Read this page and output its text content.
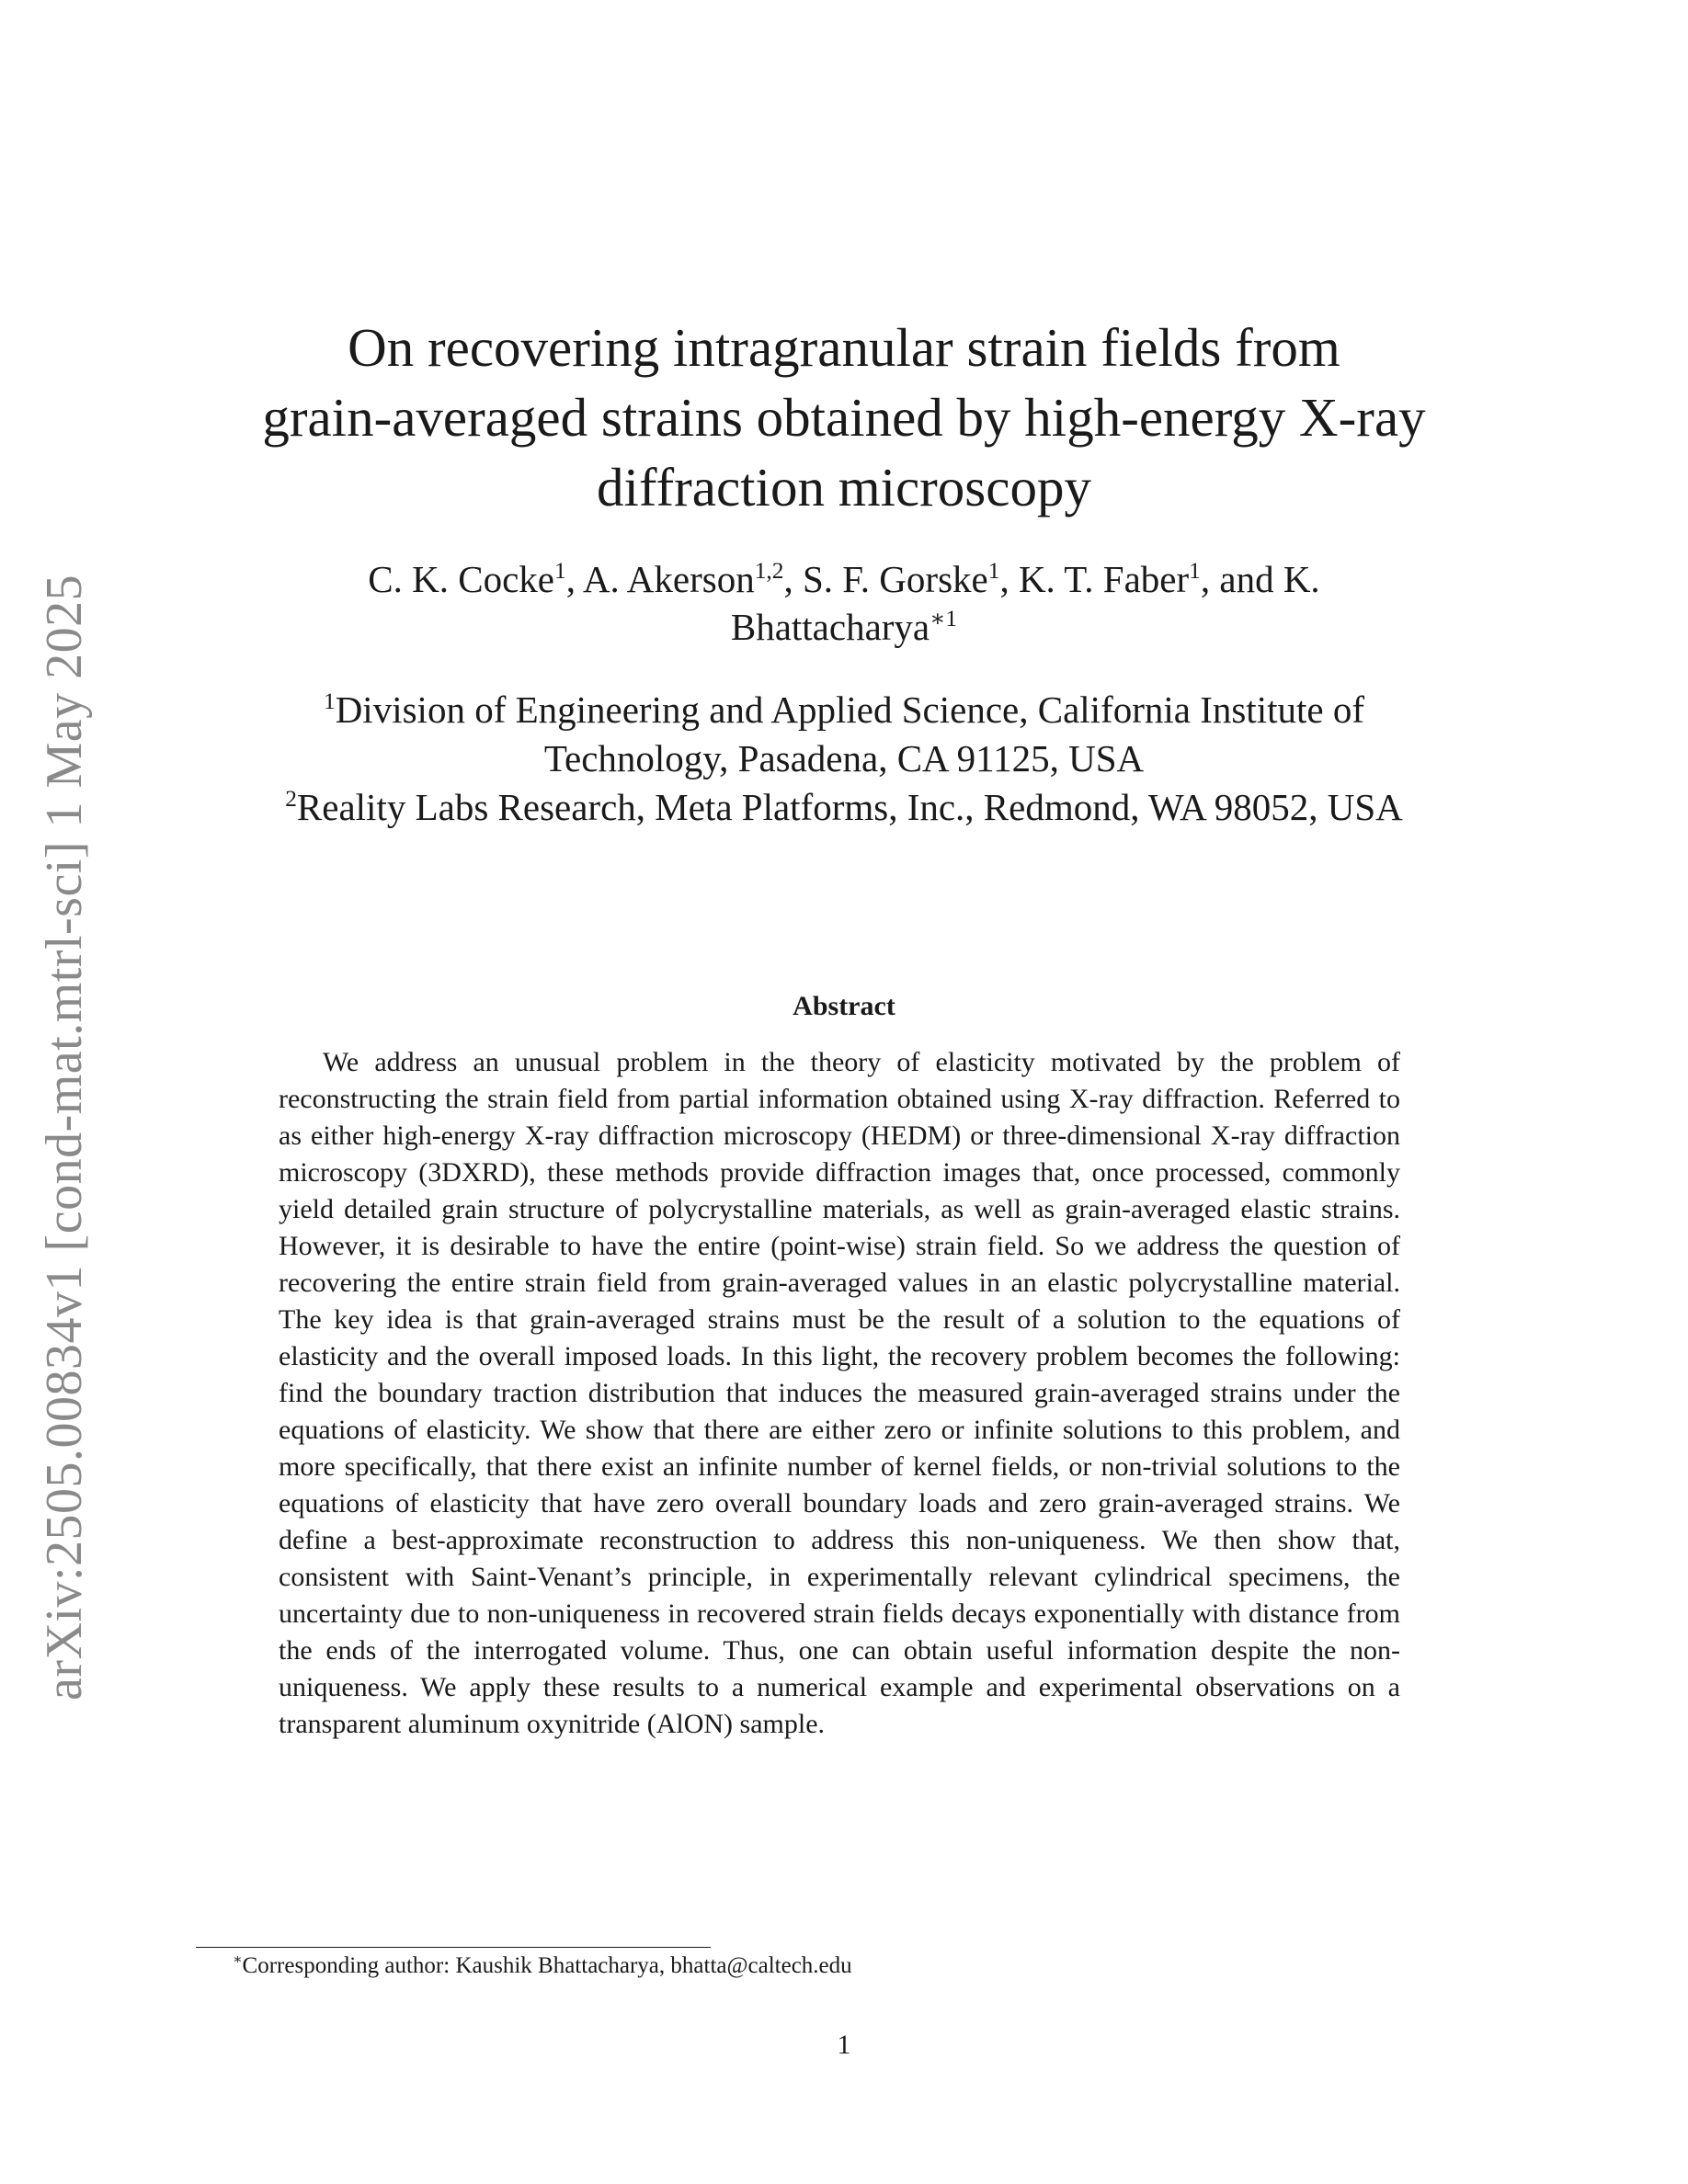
arXiv:2505.00834v1 [cond-mat.mtrl-sci] 1 May 2025
On recovering intragranular strain fields from
grain-averaged strains obtained by high-energy X-ray
diffraction microscopy
C. K. Cocke$^1$, A. Akerson$^{1,2}$, S. F. Gorske$^1$, K. T. Faber$^1$, and K.
Bhattacharya$^{∗1}$
$^1$Division of Engineering and Applied Science, California Institute of
Technology, Pasadena, CA 91125, USA
$^2$Reality Labs Research, Meta Platforms, Inc., Redmond, WA 98052, USA
Abstract
We address an unusual problem in the theory of elasticity motivated by the problem of reconstructing the strain field from partial information obtained using X-ray diffraction. Referred to as either high-energy X-ray diffraction microscopy (HEDM) or three-dimensional X-ray diffraction microscopy (3DXRD), these methods provide diffraction images that, once processed, commonly yield detailed grain structure of polycrystalline materials, as well as grain-averaged elastic strains. However, it is desirable to have the entire (point-wise) strain field. So we address the question of recovering the entire strain field from grain-averaged values in an elastic polycrystalline material. The key idea is that grain-averaged strains must be the result of a solution to the equations of elasticity and the overall imposed loads. In this light, the recovery problem becomes the following: find the boundary traction distribution that induces the measured grain-averaged strains under the equations of elasticity. We show that there are either zero or infinite solutions to this problem, and more specifically, that there exist an infinite number of kernel fields, or non-trivial solutions to the equations of elasticity that have zero overall boundary loads and zero grain-averaged strains. We define a best-approximate reconstruction to address this non-uniqueness. We then show that, consistent with Saint-Venant’s principle, in experimentally relevant cylindrical specimens, the uncertainty due to non-uniqueness in recovered strain fields decays exponentially with distance from the ends of the interrogated volume. Thus, one can obtain useful information despite the non-uniqueness. We apply these results to a numerical example and experimental observations on a transparent aluminum oxynitride (AlON) sample.
∗Corresponding author: Kaushik Bhattacharya, bhatta@caltech.edu
1
